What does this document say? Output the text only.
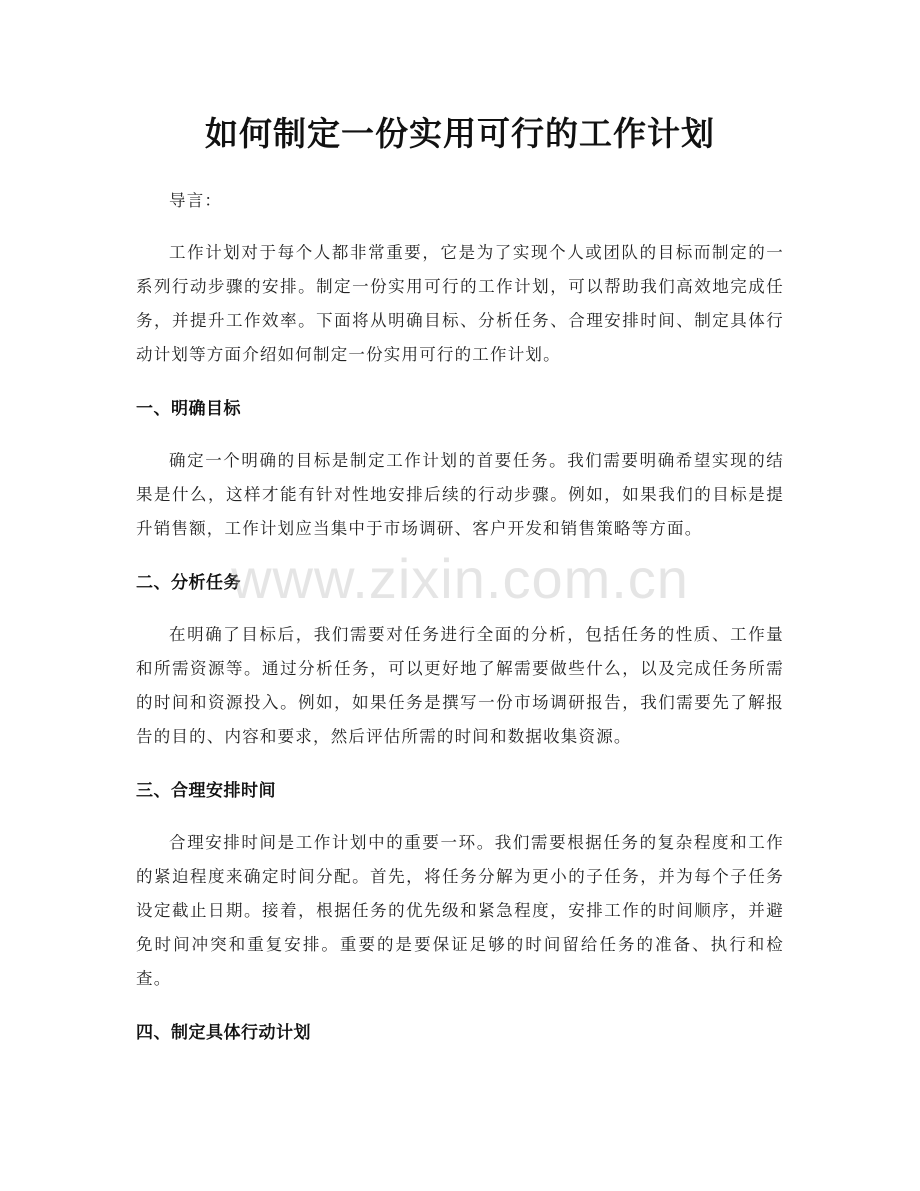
如何制定一份实用可行的工作计划

导言：

工作计划对于每个人都非常重要，它是为了实现个人或团队的目标而制定的一系列行动步骤的安排。制定一份实用可行的工作计划，可以帮助我们高效地完成任务，并提升工作效率。下面将从明确目标、分析任务、合理安排时间、制定具体行动计划等方面介绍如何制定一份实用可行的工作计划。

一、明确目标

确定一个明确的目标是制定工作计划的首要任务。我们需要明确希望实现的结果是什么，这样才能有针对性地安排后续的行动步骤。例如，如果我们的目标是提升销售额，工作计划应当集中于市场调研、客户开发和销售策略等方面。

二、分析任务

在明确了目标后，我们需要对任务进行全面的分析，包括任务的性质、工作量和所需资源等。通过分析任务，可以更好地了解需要做些什么，以及完成任务所需的时间和资源投入。例如，如果任务是撰写一份市场调研报告，我们需要先了解报告的目的、内容和要求，然后评估所需的时间和数据收集资源。

三、合理安排时间

合理安排时间是工作计划中的重要一环。我们需要根据任务的复杂程度和工作的紧迫程度来确定时间分配。首先，将任务分解为更小的子任务，并为每个子任务设定截止日期。接着，根据任务的优先级和紧急程度，安排工作的时间顺序，并避免时间冲突和重复安排。重要的是要保证足够的时间留给任务的准备、执行和检查。

四、制定具体行动计划
www.zixin.com.cn
